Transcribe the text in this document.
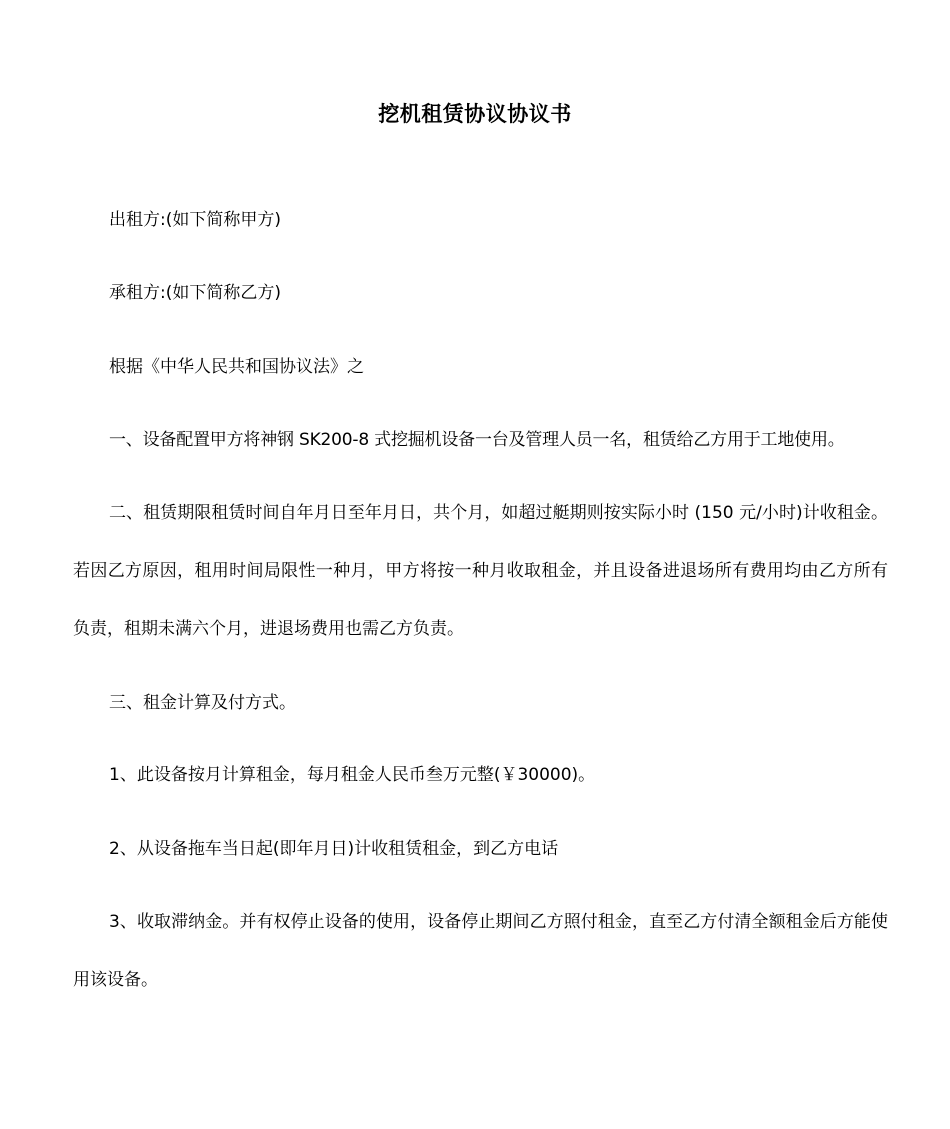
挖机租赁协议协议书

出租方:(如下简称甲方)

承租方:(如下简称乙方)

根据《中华人民共和国协议法》之

一、设备配置甲方将神钢 SK200-8 式挖掘机设备一台及管理人员一名，租赁给乙方用于工地使用。

二、租赁期限租赁时间自年月日至年月日，共个月，如超过艇期则按实际小时 (150 元/小时)计收租金。若因乙方原因，租用时间局限性一种月，甲方将按一种月收取租金，并且设备进退场所有费用均由乙方所有负责，租期未满六个月，进退场费用也需乙方负责。

三、租金计算及付方式。

1、此设备按月计算租金，每月租金人民币叁万元整(￥30000)。

2、从设备拖车当日起(即年月日)计收租赁租金，到乙方电话

3、收取滞纳金。并有权停止设备的使用，设备停止期间乙方照付租金，直至乙方付清全额租金后方能使用该设备。
